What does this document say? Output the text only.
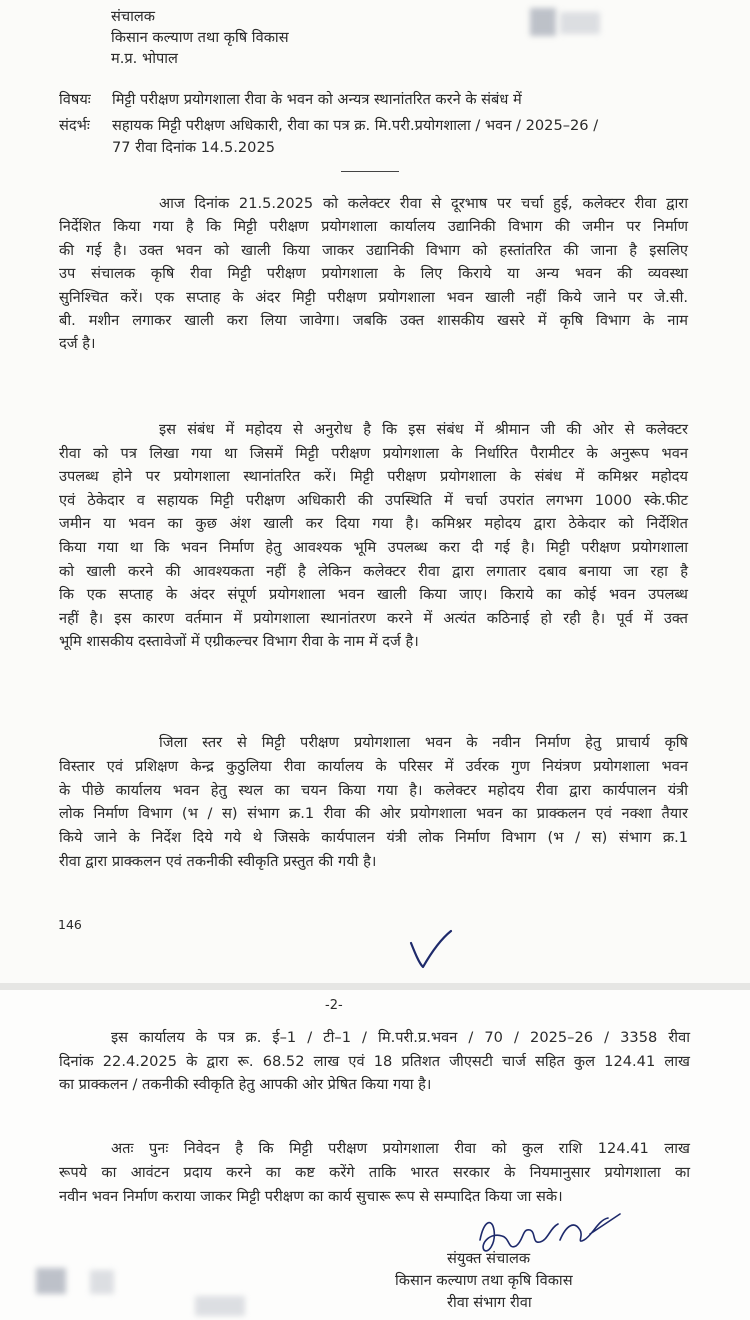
संचालक
किसान कल्याण तथा कृषि विकास
म.प्र. भोपाल
विषयः मिट्टी परीक्षण प्रयोगशाला रीवा के भवन को अन्यत्र स्थानांतरित करने के संबंध में
संदर्भः सहायक मिट्टी परीक्षण अधिकारी, रीवा का पत्र क्र. मि.परी.प्रयोगशाला / भवन / 2025–26 /
77 रीवा दिनांक 14.5.2025
आज दिनांक 21.5.2025 को कलेक्टर रीवा से दूरभाष पर चर्चा हुई, कलेक्टर रीवा द्वारा
निर्देशित किया गया है कि मिट्टी परीक्षण प्रयोगशाला कार्यालय उद्यानिकी विभाग की जमीन पर निर्माण
की गई है। उक्त भवन को खाली किया जाकर उद्यानिकी विभाग को हस्तांतरित की जाना है इसलिए
उप संचालक कृषि रीवा मिट्टी परीक्षण प्रयोगशाला के लिए किराये या अन्य भवन की व्यवस्था
सुनिश्चित करें। एक सप्ताह के अंदर मिट्टी परीक्षण प्रयोगशाला भवन खाली नहीं किये जाने पर जे.सी.
बी. मशीन लगाकर खाली करा लिया जावेगा। जबकि उक्त शासकीय खसरे में कृषि विभाग के नाम
दर्ज है।
इस संबंध में महोदय से अनुरोध है कि इस संबंध में श्रीमान जी की ओर से कलेक्टर
रीवा को पत्र लिखा गया था जिसमें मिट्टी परीक्षण प्रयोगशाला के निर्धारित पैरामीटर के अनुरूप भवन
उपलब्ध होने पर प्रयोगशाला स्थानांतरित करें। मिट्टी परीक्षण प्रयोगशाला के संबंध में कमिश्नर महोदय
एवं ठेकेदार व सहायक मिट्टी परीक्षण अधिकारी की उपस्थिति में चर्चा उपरांत लगभग 1000 स्के.फीट
जमीन या भवन का कुछ अंश खाली कर दिया गया है। कमिश्नर महोदय द्वारा ठेकेदार को निर्देशित
किया गया था कि भवन निर्माण हेतु आवश्यक भूमि उपलब्ध करा दी गई है। मिट्टी परीक्षण प्रयोगशाला
को खाली करने की आवश्यकता नहीं है लेकिन कलेक्टर रीवा द्वारा लगातार दबाव बनाया जा रहा है
कि एक सप्ताह के अंदर संपूर्ण प्रयोगशाला भवन खाली किया जाए। किराये का कोई भवन उपलब्ध
नहीं है। इस कारण वर्तमान में प्रयोगशाला स्थानांतरण करने में अत्यंत कठिनाई हो रही है। पूर्व में उक्त
भूमि शासकीय दस्तावेजों में एग्रीकल्चर विभाग रीवा के नाम में दर्ज है।
जिला स्तर से मिट्टी परीक्षण प्रयोगशाला भवन के नवीन निर्माण हेतु प्राचार्य कृषि
विस्तार एवं प्रशिक्षण केन्द्र कुठुलिया रीवा कार्यालय के परिसर में उर्वरक गुण नियंत्रण प्रयोगशाला भवन
के पीछे कार्यालय भवन हेतु स्थल का चयन किया गया है। कलेक्टर महोदय रीवा द्वारा कार्यपालन यंत्री
लोक निर्माण विभाग (भ / स) संभाग क्र.1 रीवा की ओर प्रयोगशाला भवन का प्राक्कलन एवं नक्शा तैयार
किये जाने के निर्देश दिये गये थे जिसके कार्यपालन यंत्री लोक निर्माण विभाग (भ / स) संभाग क्र.1
रीवा द्वारा प्राक्कलन एवं तकनीकी स्वीकृति प्रस्तुत की गयी है।
146
-2-
इस कार्यालय के पत्र क्र. ई–1 / टी–1 / मि.परी.प्र.भवन / 70 / 2025–26 / 3358 रीवा
दिनांक 22.4.2025 के द्वारा रू. 68.52 लाख एवं 18 प्रतिशत जीएसटी चार्ज सहित कुल 124.41 लाख
का प्राक्कलन / तकनीकी स्वीकृति हेतु आपकी ओर प्रेषित किया गया है।
अतः पुनः निवेदन है कि मिट्टी परीक्षण प्रयोगशाला रीवा को कुल राशि 124.41 लाख
रूपये का आवंटन प्रदाय करने का कष्ट करेंगे ताकि भारत सरकार के नियमानुसार प्रयोगशाला का
नवीन भवन निर्माण कराया जाकर मिट्टी परीक्षण का कार्य सुचारू रूप से सम्पादित किया जा सके।
संयुक्त संचालक
किसान कल्याण तथा कृषि विकास
रीवा संभाग रीवा
